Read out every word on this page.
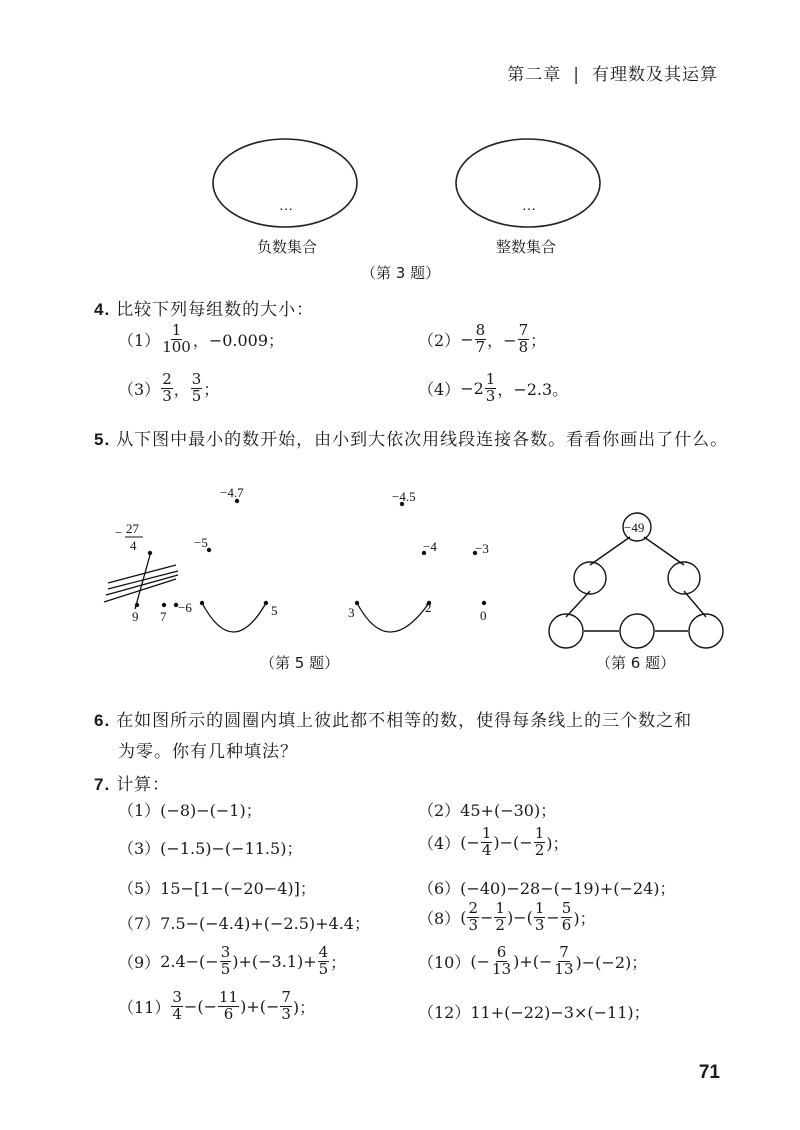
第二章 | 有理数及其运算
…	…
负数集合	整数集合
（第 3 题）
4. 比较下列每组数的大小：
$(1) \frac{1}{100}$ ，−0.009；	$(2) - \frac{8}{7}$ ，− $\frac{7}{8}$ ；
$(3) \frac{2}{3}$ ， $\frac{3}{5}$ ；	$(4) -2 \frac{1}{3}$ ，−2.3。
5. 从下图中最小的数开始，由小到大依次用线段连接各数。看看你画出了什么。
−4.7	−4.5
−5	−4	−3
−6	5	3	2
0
9 7
− 27
4
（第 5 题）
−49
（第 6 题）
6. 在如图所示的圆圈内填上彼此都不相等的数，使得每条线上的三个数之和
为零。你有几种填法？
7. 计算：
（1）(−8)−(−1)；	（2）45+(−30)；
（3）(−1.5)−(−11.5)；	（4） (− $\frac{1}{4}$ )−(− $\frac{1}{2}$ )；
（5）15−[1−(−20−4)]；	（6）(−40)−28−(−19)+(−24)；
（7）7.5−(−4.4)+(−2.5)+4.4；	（8） ( $\frac{2}{3} - \frac{1}{2}$ )−( $\frac{1}{3} - \frac{5}{6}$ )；
（9） $2.4-(- \frac{3}{5} )+(-3.1)+ \frac{4}{5}$ ；	（10） (− $\frac{6}{13}$ )+(− $\frac{7}{13} )-(-2)$；
$(11) \frac{3}{4}$ −(− $\frac{11}{6}$ )+(− $\frac{7}{3}$ )；	（12）11+(−22)−3×(−11)；
71
